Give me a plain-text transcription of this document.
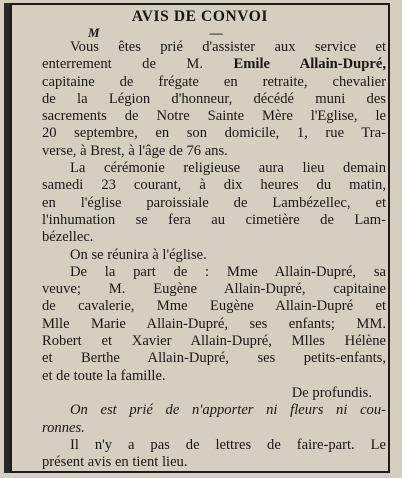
AVIS DE CONVOI
M	—
Vous êtes prié d'assister aux service et
enterrement de M. Emile Allain-Dupré,
capitaine de frégate en retraite, chevalier
de la Légion d'honneur, décédé muni des
sacrements de Notre Sainte Mère l'Eglise, le
20 septembre, en son domicile, 1, rue Tra-
verse, à Brest, à l'âge de 76 ans.
La cérémonie religieuse aura lieu demain
samedi 23 courant, à dix heures du matin,
en l'église paroissiale de Lambézellec, et
l'inhumation se fera au cimetière de Lam-
bézellec.
On se réunira à l'église.
De la part de : Mme Allain-Dupré, sa
veuve; M. Eugène Allain-Dupré, capitaine
de cavalerie, Mme Eugène Allain-Dupré et
Mlle Marie Allain-Dupré, ses enfants; MM.
Robert et Xavier Allain-Dupré, Mlles Hélène
et Berthe Allain-Dupré, ses petits-enfants,
et de toute la famille.
De profundis.
On est prié de n'apporter ni fleurs ni cou-
ronnes.
Il n'y a pas de lettres de faire-part. Le
présent avis en tient lieu.
